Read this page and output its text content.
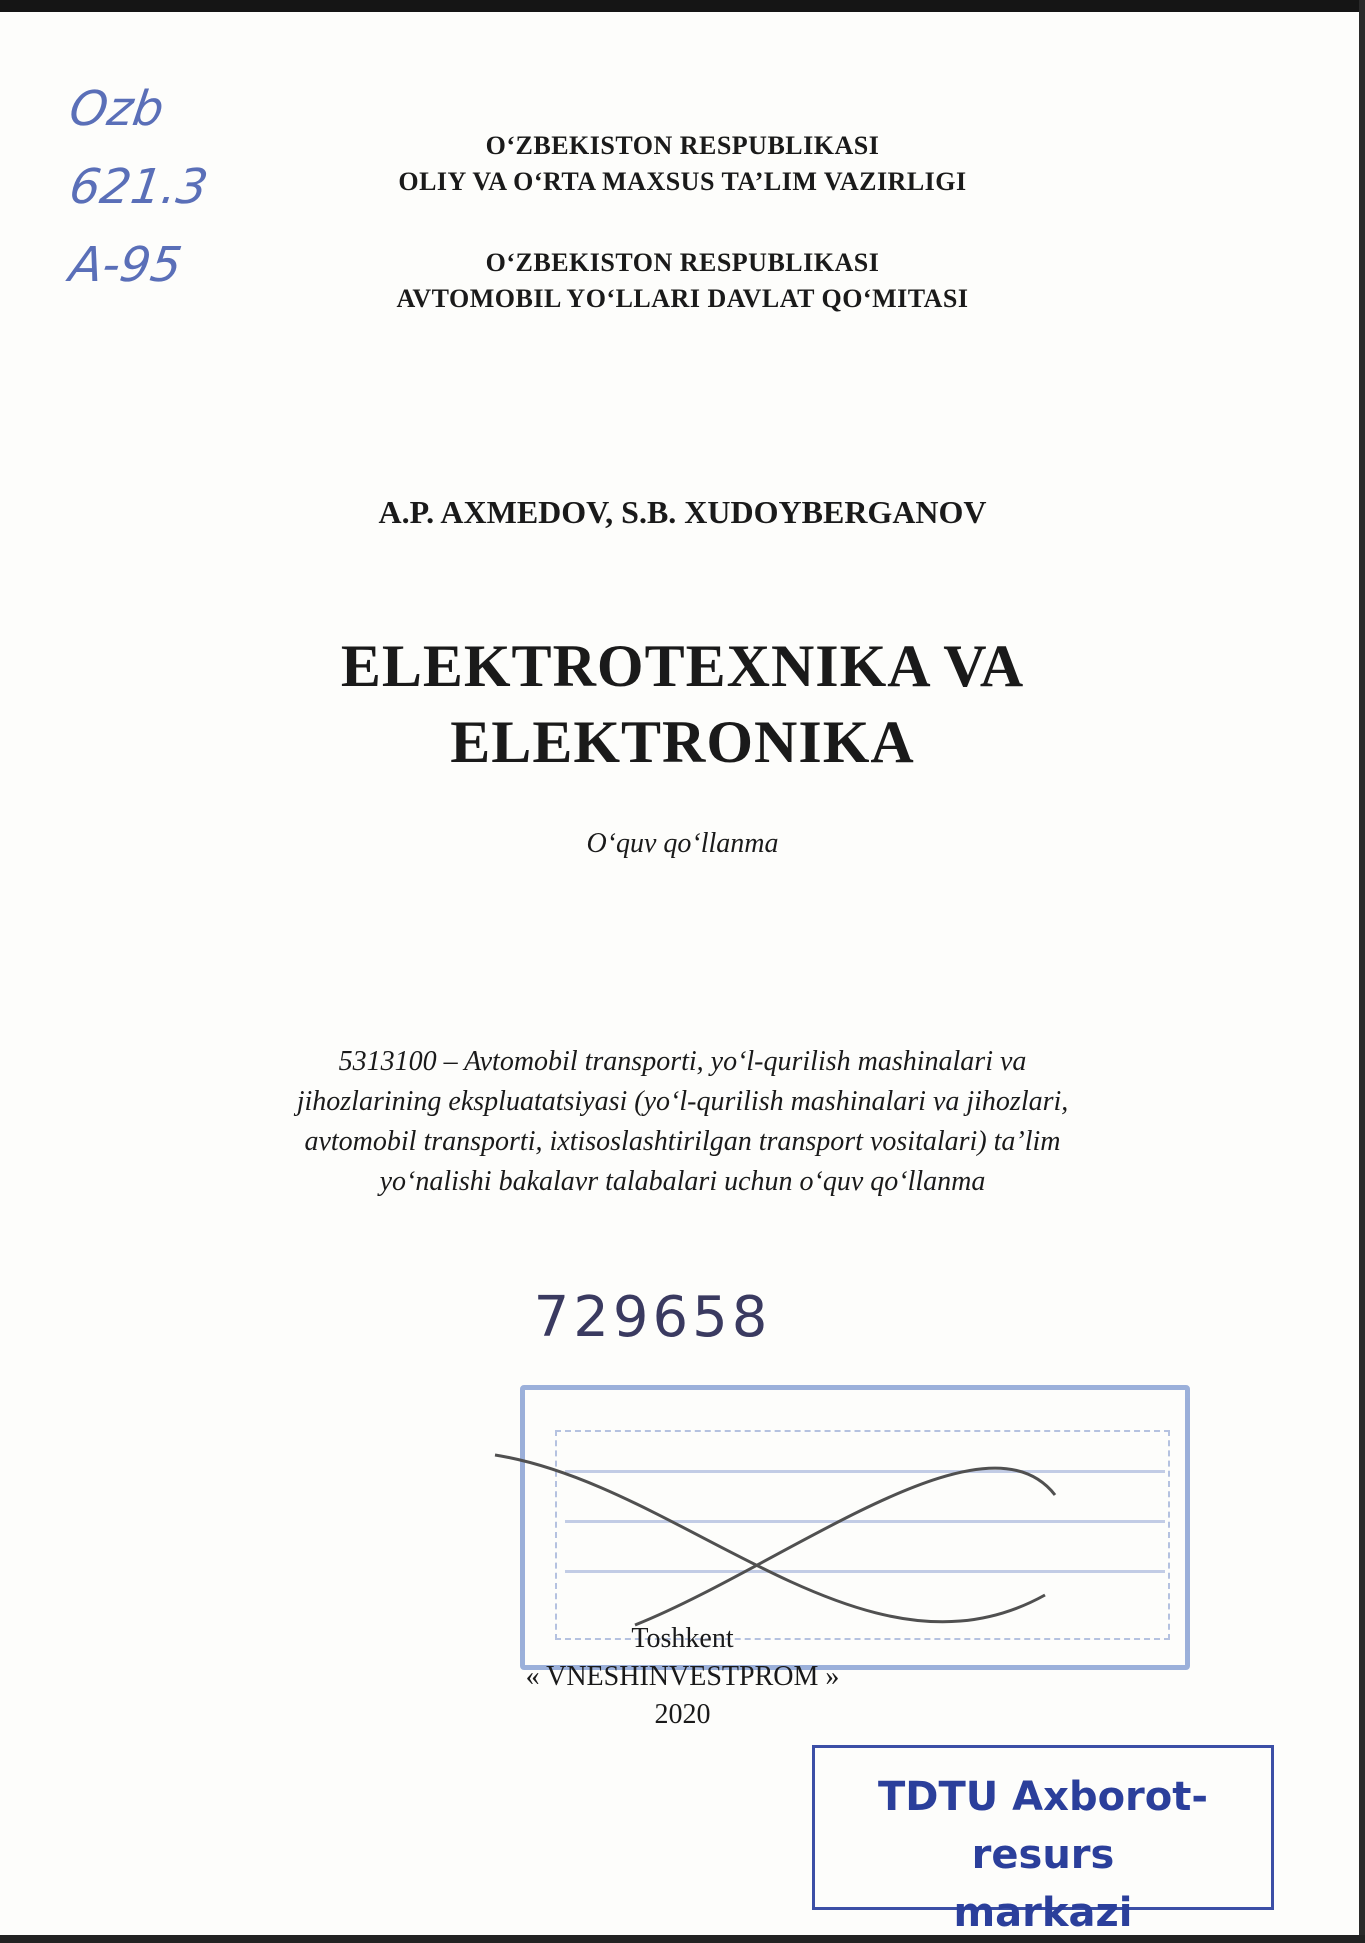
Ozb
621.3
A-95
O‘ZBEKISTON RESPUBLIKASI
OLIY VA O‘RTA MAXSUS TA’LIM VAZIRLIGI
O‘ZBEKISTON RESPUBLIKASI
AVTOMOBIL YO‘LLARI DAVLAT QO‘MITASI
A.P. AXMEDOV, S.B. XUDOYBERGANOV
ELEKTROTEXNIKA VA
ELEKTRONIKA
O‘quv qo‘llanma
5313100 – Avtomobil transporti, yo‘l-qurilish mashinalari va
jihozlarining ekspluatatsiyasi (yo‘l-qurilish mashinalari va jihozlari,
avtomobil transporti, ixtisoslashtirilgan transport vositalari) ta’lim
yo‘nalishi bakalavr talabalari uchun o‘quv qo‘llanma
729658
Toshkent
« VNESHINVESTPROM »
2020
TDTU Axborot-resurs
markazi
